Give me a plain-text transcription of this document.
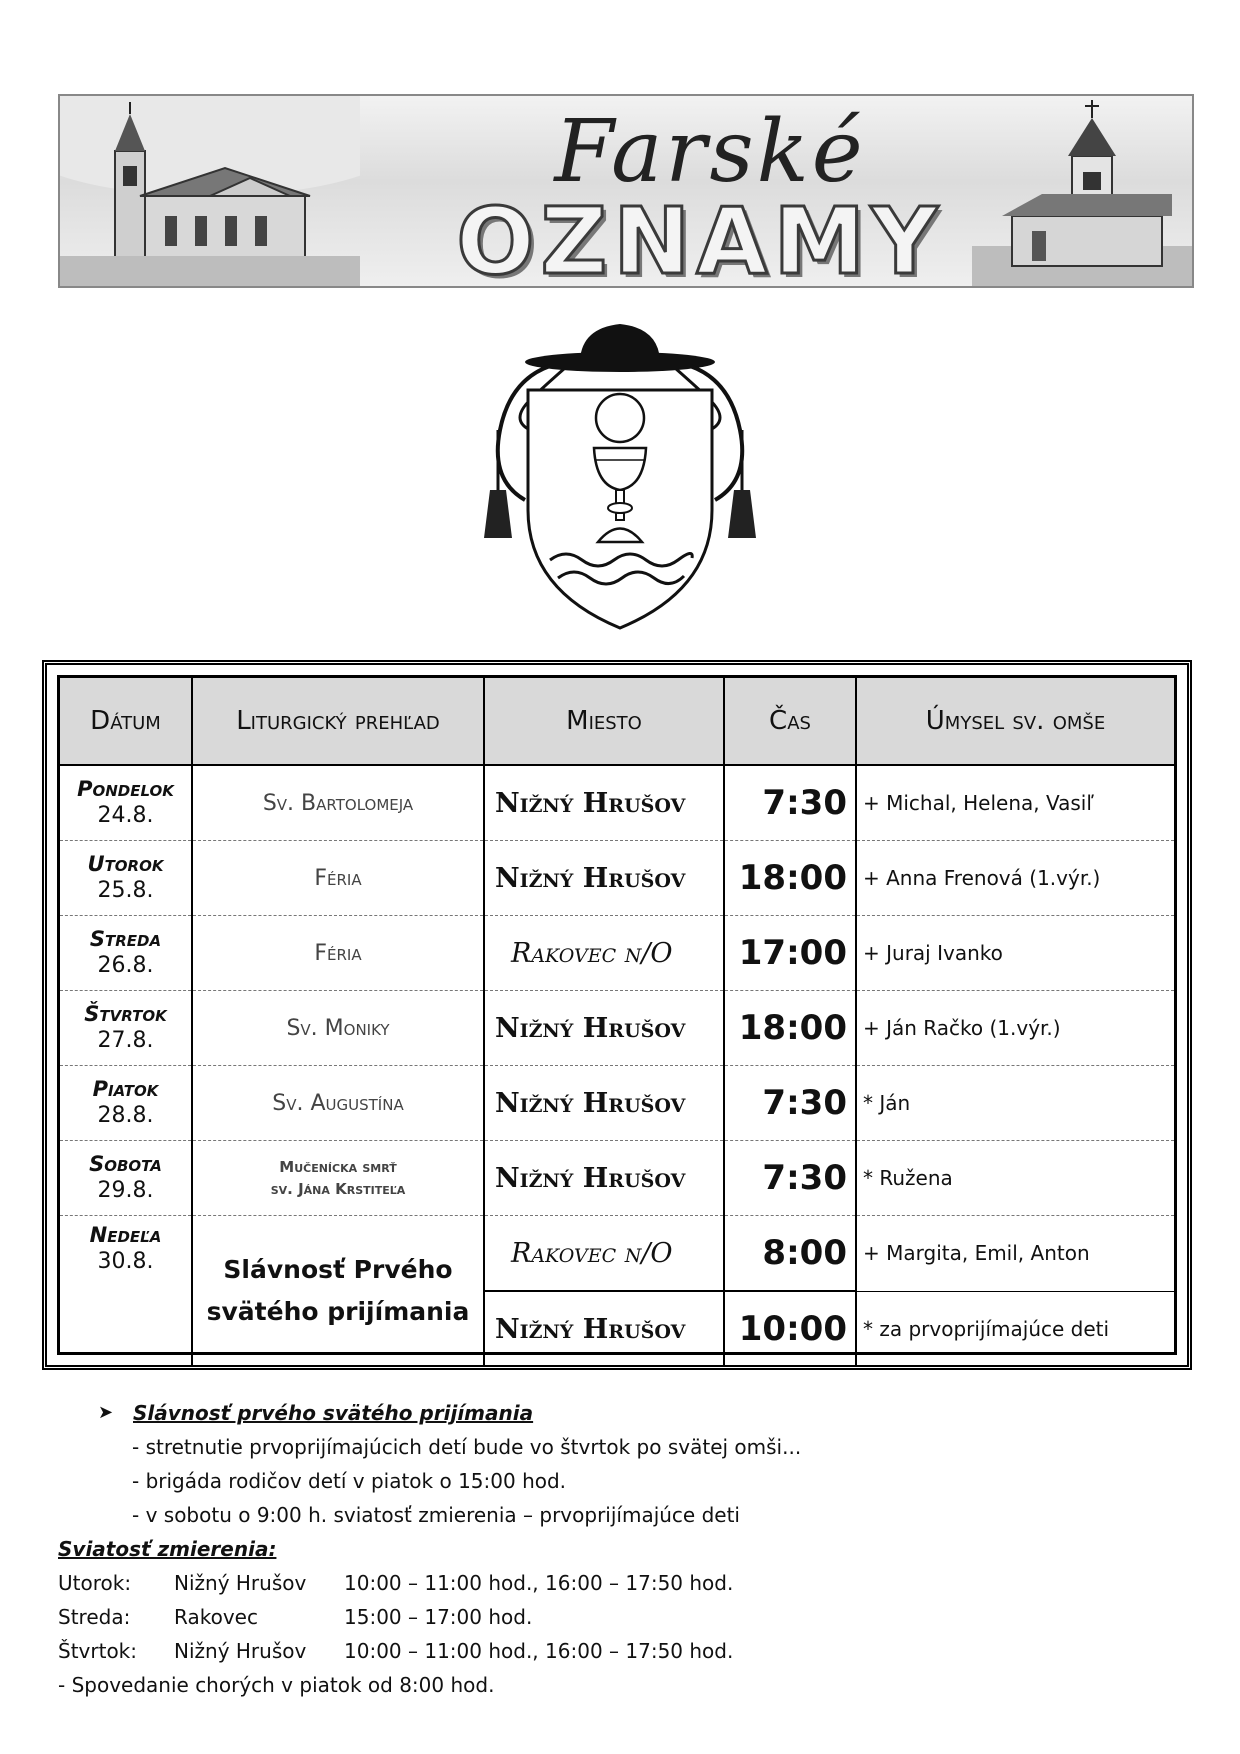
Farské
OZNAMY
Dátum	Liturgický prehľad	Miesto	Čas	Úmysel sv. omše

Pondelok
24.8.	Sv. Bartolomeja	Nižný Hrušov	7:30	+ Michal, Helena, Vasiľ

Utorok
25.8.	Féria	Nižný Hrušov	18:00	+ Anna Frenová (1.výr.)

Streda
26.8.	Féria	Rakovec n/O	17:00	+ Juraj Ivanko

Štvrtok
27.8.	Sv. Moniky	Nižný Hrušov	18:00	+ Ján Račko (1.výr.)

Piatok
28.8.	Sv. Augustína	Nižný Hrušov	7:30	* Ján

Sobota
29.8.	Mučenícka smrť
sv. Jána Krstiteľa	Nižný Hrušov	7:30	* Ružena

Nedeľa
30.8.	Slávnosť Prvého
svätého prijímania	Rakovec n/O	8:00	+ Margita, Emil, Anton
		Nižný Hrušov	10:00	* za prvoprijímajúce deti
➤ Slávnosť prvého svätého prijímania
- stretnutie prvoprijímajúcich detí bude vo štvrtok po svätej omši...
- brigáda rodičov detí v piatok o 15:00 hod.
- v sobotu o 9:00 h. sviatosť zmierenia – prvoprijímajúce deti
Sviatosť zmierenia:
Utorok:	Nižný Hrušov	10:00 – 11:00 hod., 16:00 – 17:50 hod.
Streda:	Rakovec	15:00 – 17:00 hod.
Štvrtok:	Nižný Hrušov	10:00 – 11:00 hod., 16:00 – 17:50 hod.
- Spovedanie chorých v piatok od 8:00 hod.
